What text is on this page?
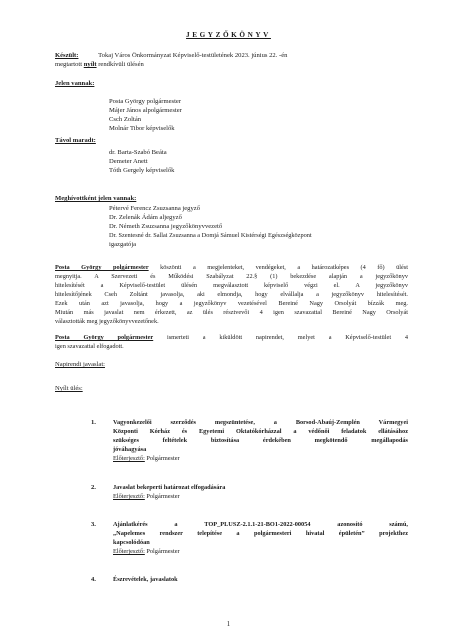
JEGYZŐKÖNYV
Készült:	Tokaj Város Önkormányzat Képviselő-testületének 2023. június 22. -én
megtartott nyílt rendkívüli ülésén
Jelen vannak:
Posta György polgármester
Májer János alpolgármester
Csch Zoltán
Molnár Tibor képviselők
Távol maradt:
dr. Barta-Szabó Beáta
Demeter Anett
Tóth Gergely képviselők
Meghívottként jelen vannak:
Pétervé Ferencz Zsuzsanna jegyző
Dr. Zelenák Ádám aljegyző
Dr. Németh Zsuzsanna jegyzőkönyvvezető
Dr. Szentesné dr. Sallai Zsuzsanna a Domjá Sámuel Kistérségi Egészségközpont
igazgatója
Posta György polgármester köszönti a megjelenteket, vendégeket, a határozatképes (4 fő) ülést
megnyitja. A Szervezeti és Működési Szabályzat 22.§ (1) bekezdése alapján a jegyzőkönyv
hitelesítését a Képviselő-testület ülésén megválasztott képviselő végzi el. A jegyzőkönyv
hitelesítőjének Cseh Zoltánt javasolja, aki elmondja, hogy elvállalja a jegyzőkönyv hitelesítését.
Ezek után azt javasolja, hogy a jegyzőkönyv vezetésével Bereiné Nagy Orsolyát bízzák meg.
Miután más javaslat nem érkezett, az ülés résztvevői 4 igen szavazattal Bereiné Nagy Orsolyát
választották meg jegyzőkönyvvezetőnek.
Posta György polgármester ismerteti a kiküldött napirendet, melyet a Képviselő-testület 4
igen szavazattal elfogadott.
Napirendi javaslat:
Nyílt ülés:
1.	Vagyonkezelői szerződés megszüntetése, a Borsod-Abaúj-Zemplén Vármegyei
Központi Kórház és Egyetemi Oktatókórházzal a védőnői feladatok ellátásához
szükséges feltételek biztosítása érdekében megkötendő megállapodás
jóváhagyása
Előterjesztő: Polgármester
2.	Javaslat bekeperti határozat elfogadására
Előterjesztő: Polgármester
3.	Ajánlatkérés a TOP_PLUSZ-2.1.1-21-BO1-2022-00054 azonosító számú,
„Napelemes rendszer telepítése a polgármesteri hivatal épületén” projekthez
kapcsolódóan
Előterjesztő: Polgármester
4.	Észrevételek, javaslatok
1
